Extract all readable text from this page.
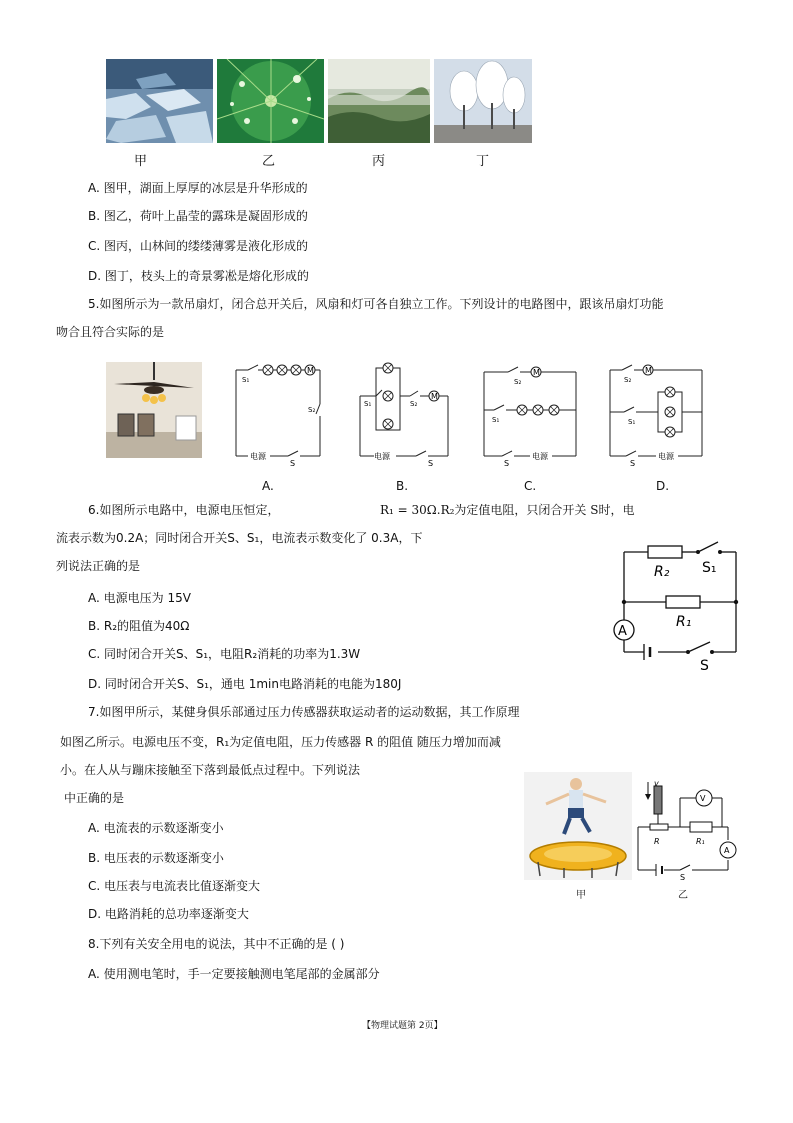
甲	乙	丙	丁
A. 图甲，湖面上厚厚的冰层是升华形成的
B. 图乙，荷叶上晶莹的露珠是凝固形成的
C. 图丙，山林间的缕缕薄雾是液化形成的
D. 图丁，枝头上的奇景雾凇是熔化形成的
5.如图所示为一款吊扇灯，闭合总开关后，风扇和灯可各自独立工作。下列设计的电路图中，跟该吊扇灯功能
吻合且符合实际的是
M
S₁
S₂
电源
S
A.
M
S₁	S₂
电源
S
B.
M
S₂
S₁
电源
S
C.
M
S₂
S₁
电源
S
D.
6.如图所示电路中，电源电压恒定，	R₁ = 30Ω.R₂为定值电阻，只闭合开关 S时，电
流表示数为0.2A；同时闭合开关S、S₁，电流表示数变化了 0.3A，下
列说法正确的是
A
R₂ S₁
R₁
S
A. 电源电压为 15V
B. R₂的阻值为40Ω
C. 同时闭合开关S、S₁，电阻R₂消耗的功率为1.3W
D. 同时闭合开关S、S₁，通电 1min电路消耗的电能为180J
7.如图甲所示，某健身俱乐部通过压力传感器获取运动者的运动数据，其工作原理
如图乙所示。电源电压不变，R₁为定值电阻，压力传感器 R 的阻值 随压力增加而减
小。在人从与蹦床接触至下落到最低点过程中。下列说法
中正确的是
A. 电流表的示数逐渐变小
B. 电压表的示数逐渐变小
C. 电压表与电流表比值逐渐变大
D. 电路消耗的总功率逐渐变大
甲
v
V
A
R	R₁
S
乙
8.下列有关安全用电的说法，其中不正确的是 ( )
A. 使用测电笔时，手一定要接触测电笔尾部的金属部分
【物理试题第 2页】
